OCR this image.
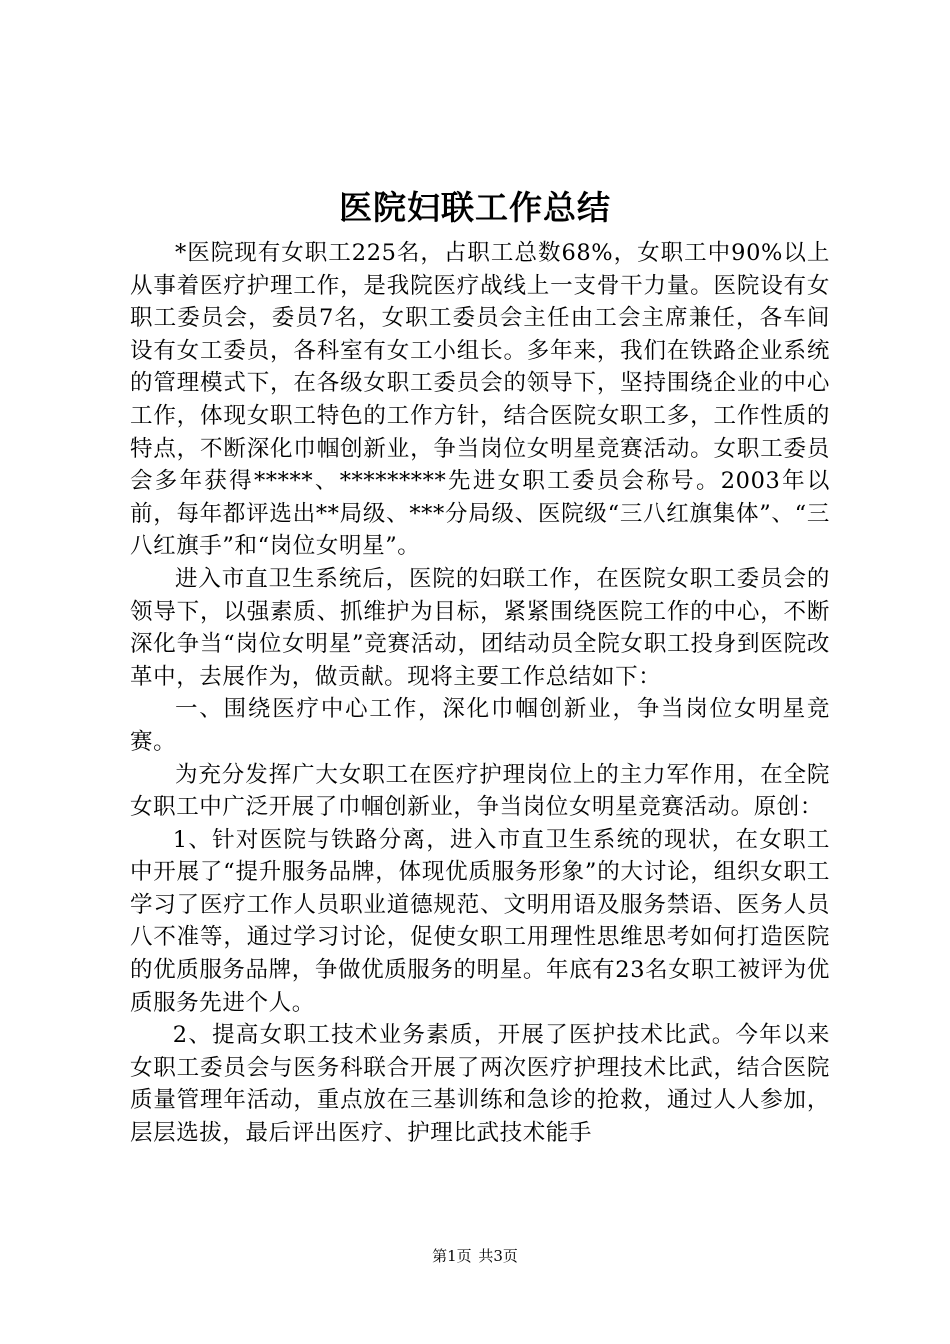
医院妇联工作总结

*医院现有女职工225名，占职工总数68%，女职工中90%以上从事着医疗护理工作，是我院医疗战线上一支骨干力量。医院设有女职工委员会，委员7名，女职工委员会主任由工会主席兼任，各车间设有女工委员，各科室有女工小组长。多年来，我们在铁路企业系统的管理模式下，在各级女职工委员会的领导下，坚持围绕企业的中心工作，体现女职工特色的工作方针，结合医院女职工多，工作性质的特点，不断深化巾帼创新业，争当岗位女明星竞赛活动。女职工委员会多年获得*****、*********先进女职工委员会称号。2003年以前，每年都评选出**局级、***分局级、医院级“三八红旗集体”、“三八红旗手”和“岗位女明星”。

进入市直卫生系统后，医院的妇联工作，在医院女职工委员会的领导下，以强素质、抓维护为目标，紧紧围绕医院工作的中心，不断深化争当“岗位女明星”竞赛活动，团结动员全院女职工投身到医院改革中，去展作为，做贡献。现将主要工作总结如下：

一、围绕医疗中心工作，深化巾帼创新业，争当岗位女明星竞赛。

为充分发挥广大女职工在医疗护理岗位上的主力军作用，在全院女职工中广泛开展了巾帼创新业，争当岗位女明星竞赛活动。原创：

1、针对医院与铁路分离，进入市直卫生系统的现状，在女职工中开展了“提升服务品牌，体现优质服务形象”的大讨论，组织女职工学习了医疗工作人员职业道德规范、文明用语及服务禁语、医务人员八不准等，通过学习讨论，促使女职工用理性思维思考如何打造医院的优质服务品牌，争做优质服务的明星。年底有23名女职工被评为优质服务先进个人。

2、提高女职工技术业务素质，开展了医护技术比武。今年以来女职工委员会与医务科联合开展了两次医疗护理技术比武，结合医院质量管理年活动，重点放在三基训练和急诊的抢救，通过人人参加，层层选拔，最后评出医疗、护理比武技术能手

第1页 共3页
